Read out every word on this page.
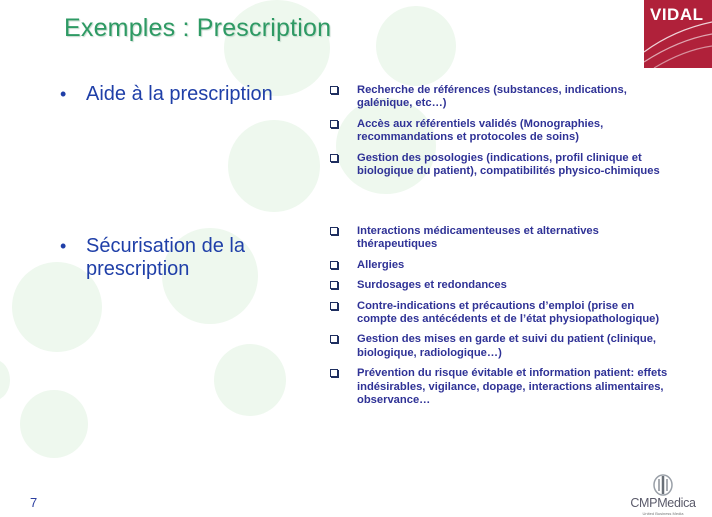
Exemples : Prescription	VIDAL
• Aide à la prescription	Recherche de références (substances, indications, galénique, etc…)
Accès aux référentiels validés (Monographies, recommandations et protocoles de soins)
Gestion des posologies (indications, profil clinique et biologique du patient), compatibilités physico-chimiques
• Sécurisation de la prescription
Interactions médicamenteuses et alternatives thérapeutiques
Allergies
Surdosages et redondances
Contre-indications et précautions d’emploi (prise en compte des antécédents et de l’état physiopathologique)
Gestion des mises en garde et suivi du patient (clinique, biologique, radiologique…)
Prévention du risque évitable et information patient: effets indésirables, vigilance, dopage, interactions alimentaires, observance…
7	CMPMedica
United Business Media
